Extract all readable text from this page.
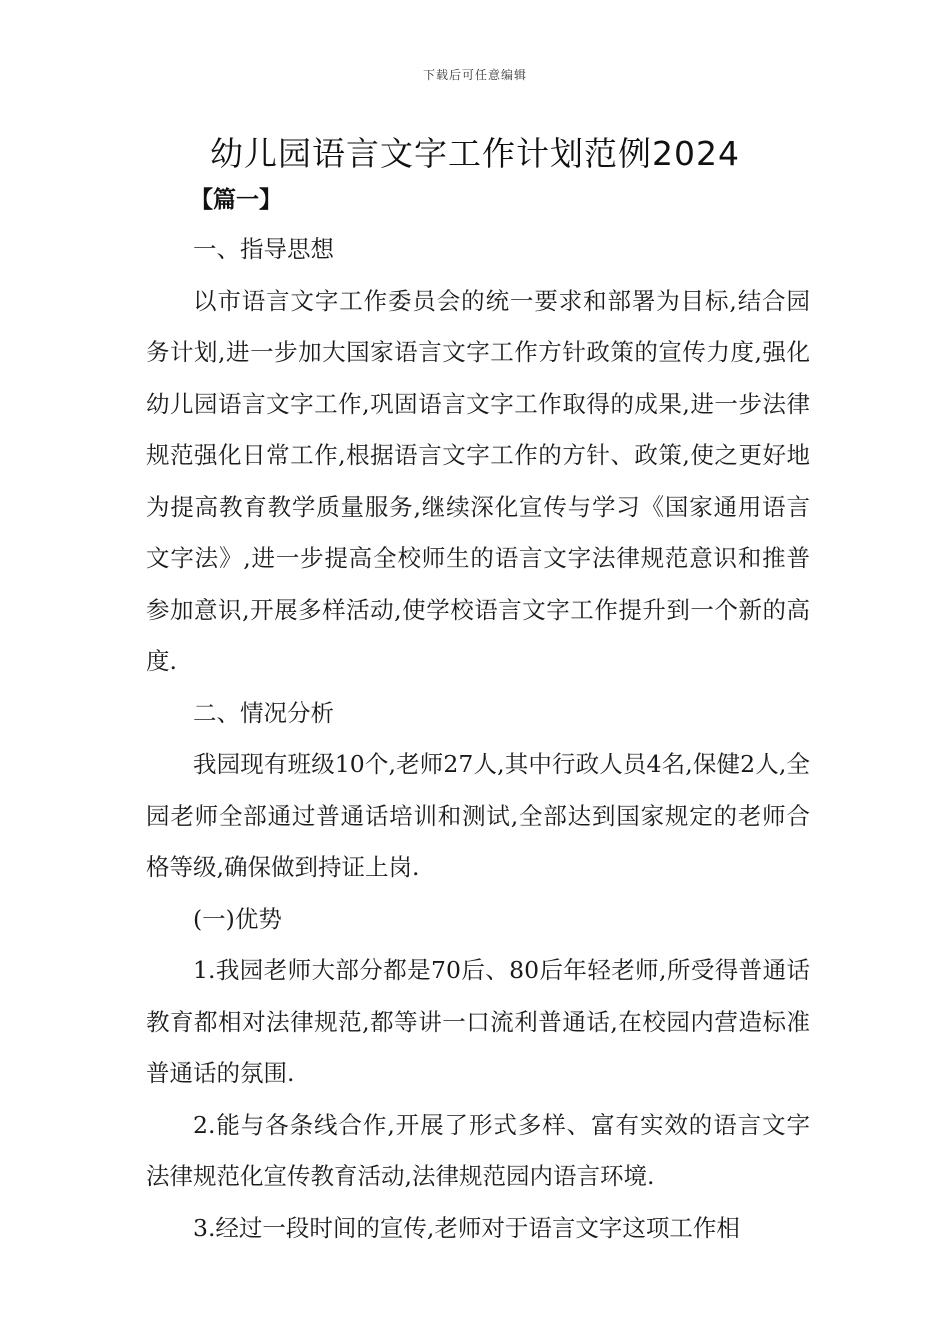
下载后可任意编辑
幼儿园语言文字工作计划范例2024
【篇一】

一、指导思想

以市语言文字工作委员会的统一要求和部署为目标,结合园务计划,进一步加大国家语言文字工作方针政策的宣传力度,强化幼儿园语言文字工作,巩固语言文字工作取得的成果,进一步法律规范强化日常工作,根据语言文字工作的方针、政策,使之更好地为提高教育教学质量服务,继续深化宣传与学习《国家通用语言文字法》,进一步提高全校师生的语言文字法律规范意识和推普参加意识,开展多样活动,使学校语言文字工作提升到一个新的高度.

二、情况分析

我园现有班级10个,老师27人,其中行政人员4名,保健2人,全园老师全部通过普通话培训和测试,全部达到国家规定的老师合格等级,确保做到持证上岗.

(一)优势

1.我园老师大部分都是70后、80后年轻老师,所受得普通话教育都相对法律规范,都等讲一口流利普通话,在校园内营造标准普通话的氛围.

2.能与各条线合作,开展了形式多样、富有实效的语言文字法律规范化宣传教育活动,法律规范园内语言环境.

3.经过一段时间的宣传,老师对于语言文字这项工作相
